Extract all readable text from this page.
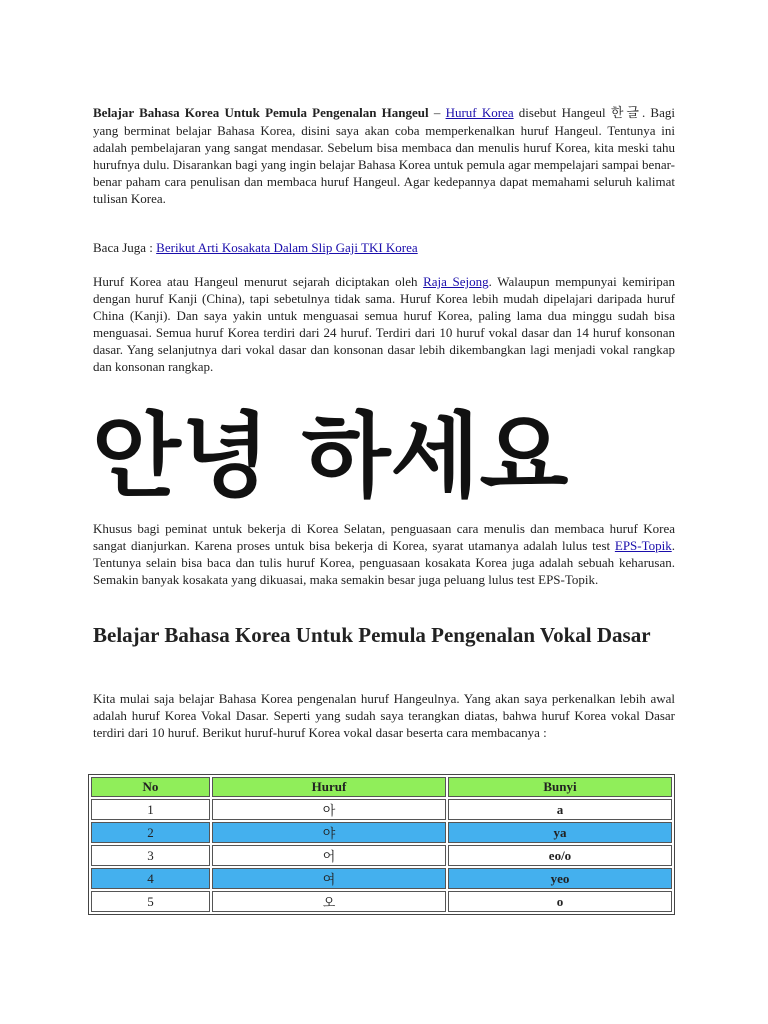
Belajar Bahasa Korea Untuk Pemula Pengenalan Hangeul – Huruf Korea disebut Hangeul 한글. Bagi yang berminat belajar Bahasa Korea, disini saya akan coba memperkenalkan huruf Hangeul. Tentunya ini adalah pembelajaran yang sangat mendasar. Sebelum bisa membaca dan menulis huruf Korea, kita meski tahu hurufnya dulu. Disarankan bagi yang ingin belajar Bahasa Korea untuk pemula agar mempelajari sampai benar-benar paham cara penulisan dan membaca huruf Hangeul. Agar kedepannya dapat memahami seluruh kalimat tulisan Korea.

Baca Juga : Berikut Arti Kosakata Dalam Slip Gaji TKI Korea

Huruf Korea atau Hangeul menurut sejarah diciptakan oleh Raja Sejong. Walaupun mempunyai kemiripan dengan huruf Kanji (China), tapi sebetulnya tidak sama. Huruf Korea lebih mudah dipelajari daripada huruf China (Kanji). Dan saya yakin untuk menguasai semua huruf Korea, paling lama dua minggu sudah bisa menguasai. Semua huruf Korea terdiri dari 24 huruf. Terdiri dari 10 huruf vokal dasar dan 14 huruf konsonan dasar. Yang selanjutnya dari vokal dasar dan konsonan dasar lebih dikembangkan lagi menjadi vokal rangkap dan konsonan rangkap.

안녕 하세요

Khusus bagi peminat untuk bekerja di Korea Selatan, penguasaan cara menulis dan membaca huruf Korea sangat dianjurkan. Karena proses untuk bisa bekerja di Korea, syarat utamanya adalah lulus test EPS-Topik. Tentunya selain bisa baca dan tulis huruf Korea, penguasaan kosakata Korea juga adalah sebuah keharusan. Semakin banyak kosakata yang dikuasai, maka semakin besar juga peluang lulus test EPS-Topik.

Belajar Bahasa Korea Untuk Pemula Pengenalan Vokal Dasar

Kita mulai saja belajar Bahasa Korea pengenalan huruf Hangeulnya. Yang akan saya perkenalkan lebih awal adalah huruf Korea Vokal Dasar. Seperti yang sudah saya terangkan diatas, bahwa huruf Korea vokal Dasar terdiri dari 10 huruf. Berikut huruf-huruf Korea vokal dasar beserta cara membacanya :

No	Huruf	Bunyi
1	아	a
2	야	ya
3	어	eo/o
4	여	yeo
5	오	o
